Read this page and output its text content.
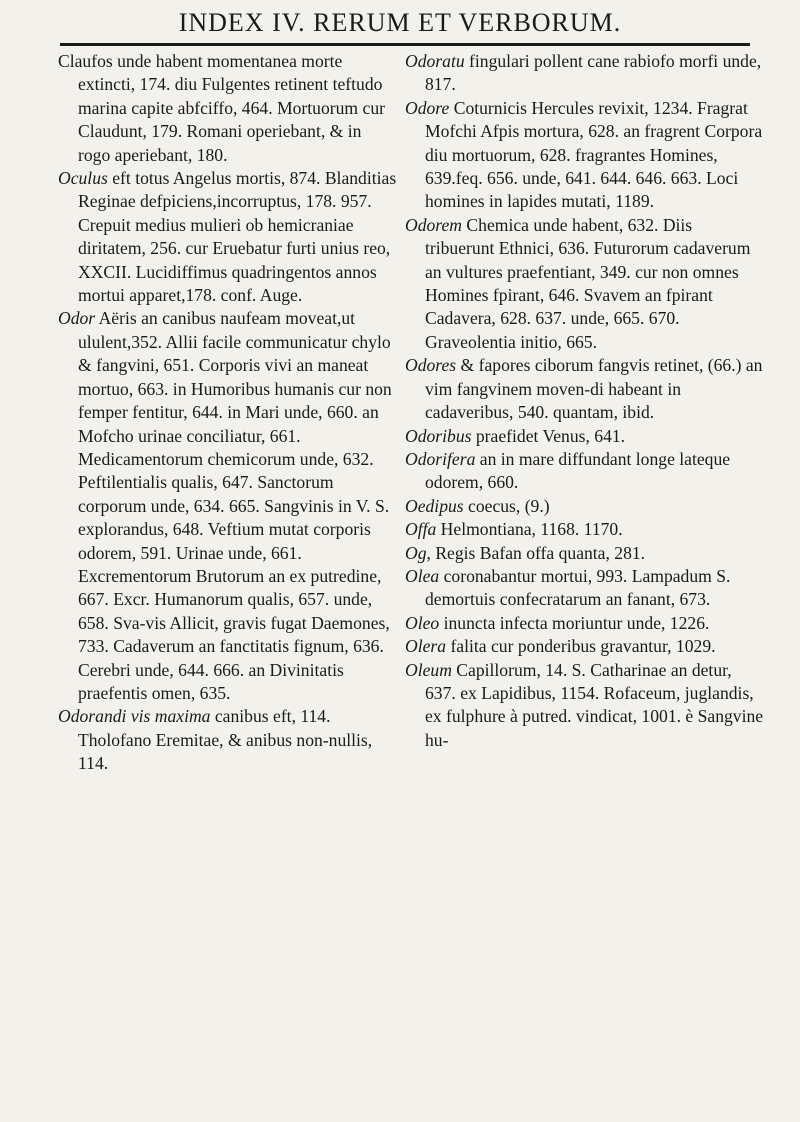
INDEX IV. RERUM ET VERBORUM.

Claufos unde habent momentanea morte extincti, 174. diu Fulgentes retinent teftudo marina capite abfciffo, 464. Mortuorum cur Claudunt, 179. Romani operiebant, & in rogo aperiebant, 180.

Oculus eft totus Angelus mortis, 874. Blanditias Reginae defpiciens,incorruptus, 178. 957. Crepuit medius mulieri ob hemicraniae diritatem, 256. cur Eruebatur furti unius reo, XXCII. Lucidiffimus quadringentos annos mortui apparet,178. conf. Auge.

Odor Aëris an canibus naufeam moveat,ut ululent,352. Allii facile communicatur chylo & fangvini, 651. Corporis vivi an maneat mortuo, 663. in Humoribus humanis cur non femper fentitur, 644. in Mari unde, 660. an Mofcho urinae conciliatur, 661. Medicamentorum chemicorum unde, 632. Peftilentialis qualis, 647. Sanctorum corporum unde, 634. 665. Sangvinis in V. S. explorandus, 648. Veftium mutat corporis odorem, 591. Urinae unde, 661. Excrementorum Brutorum an ex putredine, 667. Excr. Humanorum qualis, 657. unde, 658. Sva-vis Allicit, gravis fugat Daemones, 733. Cadaverum an fanctitatis fignum, 636. Cerebri unde, 644. 666. an Divinitatis praefentis omen, 635.

Odorandi vis maxima canibus eft, 114. Tholofano Eremitae, & anibus non-nullis, 114.

Odoratu fingulari pollent cane rabiofo morfi unde, 817.

Odore Coturnicis Hercules revixit, 1234. Fragrat Mofchi Afpis mortura, 628. an fragrent Corpora diu mortuorum, 628. fragrantes Homines, 639.feq. 656. unde, 641. 644. 646. 663. Loci homines in lapides mutati, 1189.

Odorem Chemica unde habent, 632. Diis tribuerunt Ethnici, 636. Futurorum cadaverum an vultures praefentiant, 349. cur non omnes Homines fpirant, 646. Svavem an fpirant Cadavera, 628. 637. unde, 665. 670. Graveolentia initio, 665.

Odores & fapores ciborum fangvis retinet, (66.) an vim fangvinem moven-di habeant in cadaveribus, 540. quantam, ibid.

Odoribus praefidet Venus, 641.

Odorifera an in mare diffundant longe lateque odorem, 660.

Oedipus coecus, (9.)

Offa Helmontiana, 1168. 1170.

Og, Regis Bafan offa quanta, 281.

Olea coronabantur mortui, 993. Lampadum S. demortuis confecratarum an fanant, 673.

Oleo inuncta infecta moriuntur unde, 1226.

Olera falita cur ponderibus gravantur, 1029.

Oleum Capillorum, 14. S. Catharinae an detur, 637. ex Lapidibus, 1154. Rofaceum, juglandis, ex fulphure à putred. vindicat, 1001. è Sangvine hu-
